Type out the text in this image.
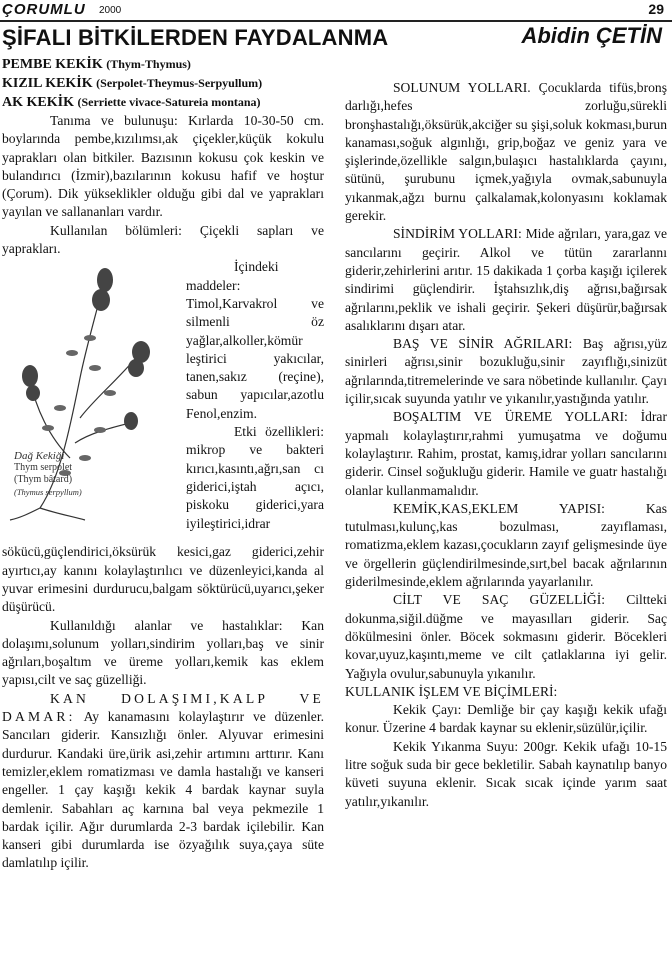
ÇORUMLU 2000	29
ŞİFALI BİTKİLERDEN FAYDALANMA	Abidin ÇETİN

PEMBE KEKİK (Thym-Thymus)

KIZIL KEKİK (Serpolet-Theymus-Serpyullum)

AK KEKİK (Serriette vivace-Satureia montana)

Tanıma ve bulunuşu: Kırlarda 10-30-50 cm. boylarında pembe,kızılımsı,ak çiçekler,küçük kokulu yaprakları olan bitkiler. Bazısının kokusu çok keskin ve bulandırıcı (İzmir),bazılarının kokusu hafif ve hoştur (Çorum). Dik yükseklikler olduğu gibi dal ve yaprakları yayılan ve sallananları vardır.

Kullanılan bölümleri: Çiçekli sapları ve yaprakları.

Dağ Kekiği
Thym serpolet
(Thym bâtard)
(Thymus serpyllum)

İçindeki maddeler: Timol,Karvakrol ve silmenli öz yağlar,alkoller,kömür leştirici yakıcılar, tanen,sakız (reçine), sabun yapıcılar,azotlu Fenol,enzim.

Etki özellikleri: mikrop ve bakteri kırıcı,kasıntı,ağrı,san cı giderici,iştah açıcı, piskoku giderici,yara iyileştirici,idrar sökücü,güçlendirici,öksürük kesici,gaz giderici,zehir ayırtıcı,ay kanını kolaylaştırılıcı ve düzenleyici,kanda al yuvar erimesini durdurucu,balgam söktürücü,uyarıcı,şeker düşürücü.

Kullanıldığı alanlar ve hastalıklar: Kan dolaşımı,solunum yolları,sindirim yolları,baş ve sinir ağrıları,boşaltım ve üreme yolları,kemik kas eklem yapısı,cilt ve saç güzelliği.

KAN DOLAŞIMI,KALP VE DAMAR: Ay kanamasını kolaylaştırır ve düzenler. Sancıları giderir. Kansızlığı önler. Alyuvar erimesini durdurur. Kandaki üre,ürik asi,zehir artımını arttırır. Kanı temizler,eklem romatizması ve damla hastalığı ve kanseri engeller. 1 çay kaşığı kekik 4 bardak kaynar suyla demlenir. Sabahları aç karnına bal veya pekmezile 1 bardak içilir. Ağır durumlarda 2-3 bardak içilebilir. Kan kanseri gibi durumlarda ise özyağılık suya,çaya süte damlatılıp içilir.

SOLUNUM YOLLARI. Çocuklarda tifüs,bronş darlığı,hefes zorluğu,sürekli bronşhastalığı,öksürük,akciğer su şişi,soluk kokması,burun kanaması,soğuk algınlığı, grip,boğaz ve geniz yara ve şişlerinde,özellikle salgın,bulaşıcı hastalıklarda çayını, sütünü, şurubunu içmek,yağıyla ovmak,sabunuyla yıkanmak,ağzı burnu çalkalamak,kolonyasını koklamak gerekir.

SİNDİRİM YOLLARI: Mide ağrıları, yara,gaz ve sancılarını geçirir. Alkol ve tütün zararlannı giderir,zehirlerini arıtır. 15 dakikada 1 çorba kaşığı içilerek sindirimi güçlendirir. İştahsızlık,diş ağrısı,bağırsak ağrılarını,peklik ve ishali geçirir. Şekeri düşürür,bağırsak asalıklarını dışarı atar.

BAŞ VE SİNİR AĞRILARI: Baş ağrısı,yüz sinirleri ağrısı,sinir bozukluğu,sinir zayıflığı,sinizüt ağrılarında,titremelerinde ve sara nöbetinde kullanılır. Çayı içilir,sıcak suyunda yatılır ve yıkanılır,yastığında yatılır.

BOŞALTIM VE ÜREME YOLLARI: İdrar yapmalı kolaylaştırır,rahmi yumuşatma ve doğumu kolaylaştırır. Rahim, prostat, kamış,idrar yolları sancılarını giderir. Cinsel soğukluğu giderir. Hamile ve guatr hastalığı olanlar kullanmamalıdır.

KEMİK,KAS,EKLEM YAPISI: Kas tutulması,kulunç,kas bozulması, zayıflaması, romatizma,eklem kazası,çocukların zayıf gelişmesinde üye ve örgellerin güçlendirilmesinde,sırt,bel bacak ağrılarının giderilmesinde,eklem ağrılarında yayarlanılır.

CİLT VE SAÇ GÜZELLİĞİ: Ciltteki dokunma,siğil.düğme ve mayasılları giderir. Saç dökülmesini önler. Böcek sokmasını giderir. Böcekleri kovar,uyuz,kaşıntı,meme ve cilt çatlaklarına iyi gelir. Yağıyla ovulur,sabunuyla yıkanılır.

KULLANIK İŞLEM VE BİÇİMLERİ:

Kekik Çayı: Demliğe bir çay kaşığı kekik ufağı konur. Üzerine 4 bardak kaynar su eklenir,süzülür,içilir.

Kekik Yıkanma Suyu: 200gr. Kekik ufağı 10-15 litre soğuk suda bir gece bekletilir. Sabah kaynatılıp banyo küveti suyuna eklenir. Sıcak sıcak içinde yarım saat yatılır,yıkanılır.
